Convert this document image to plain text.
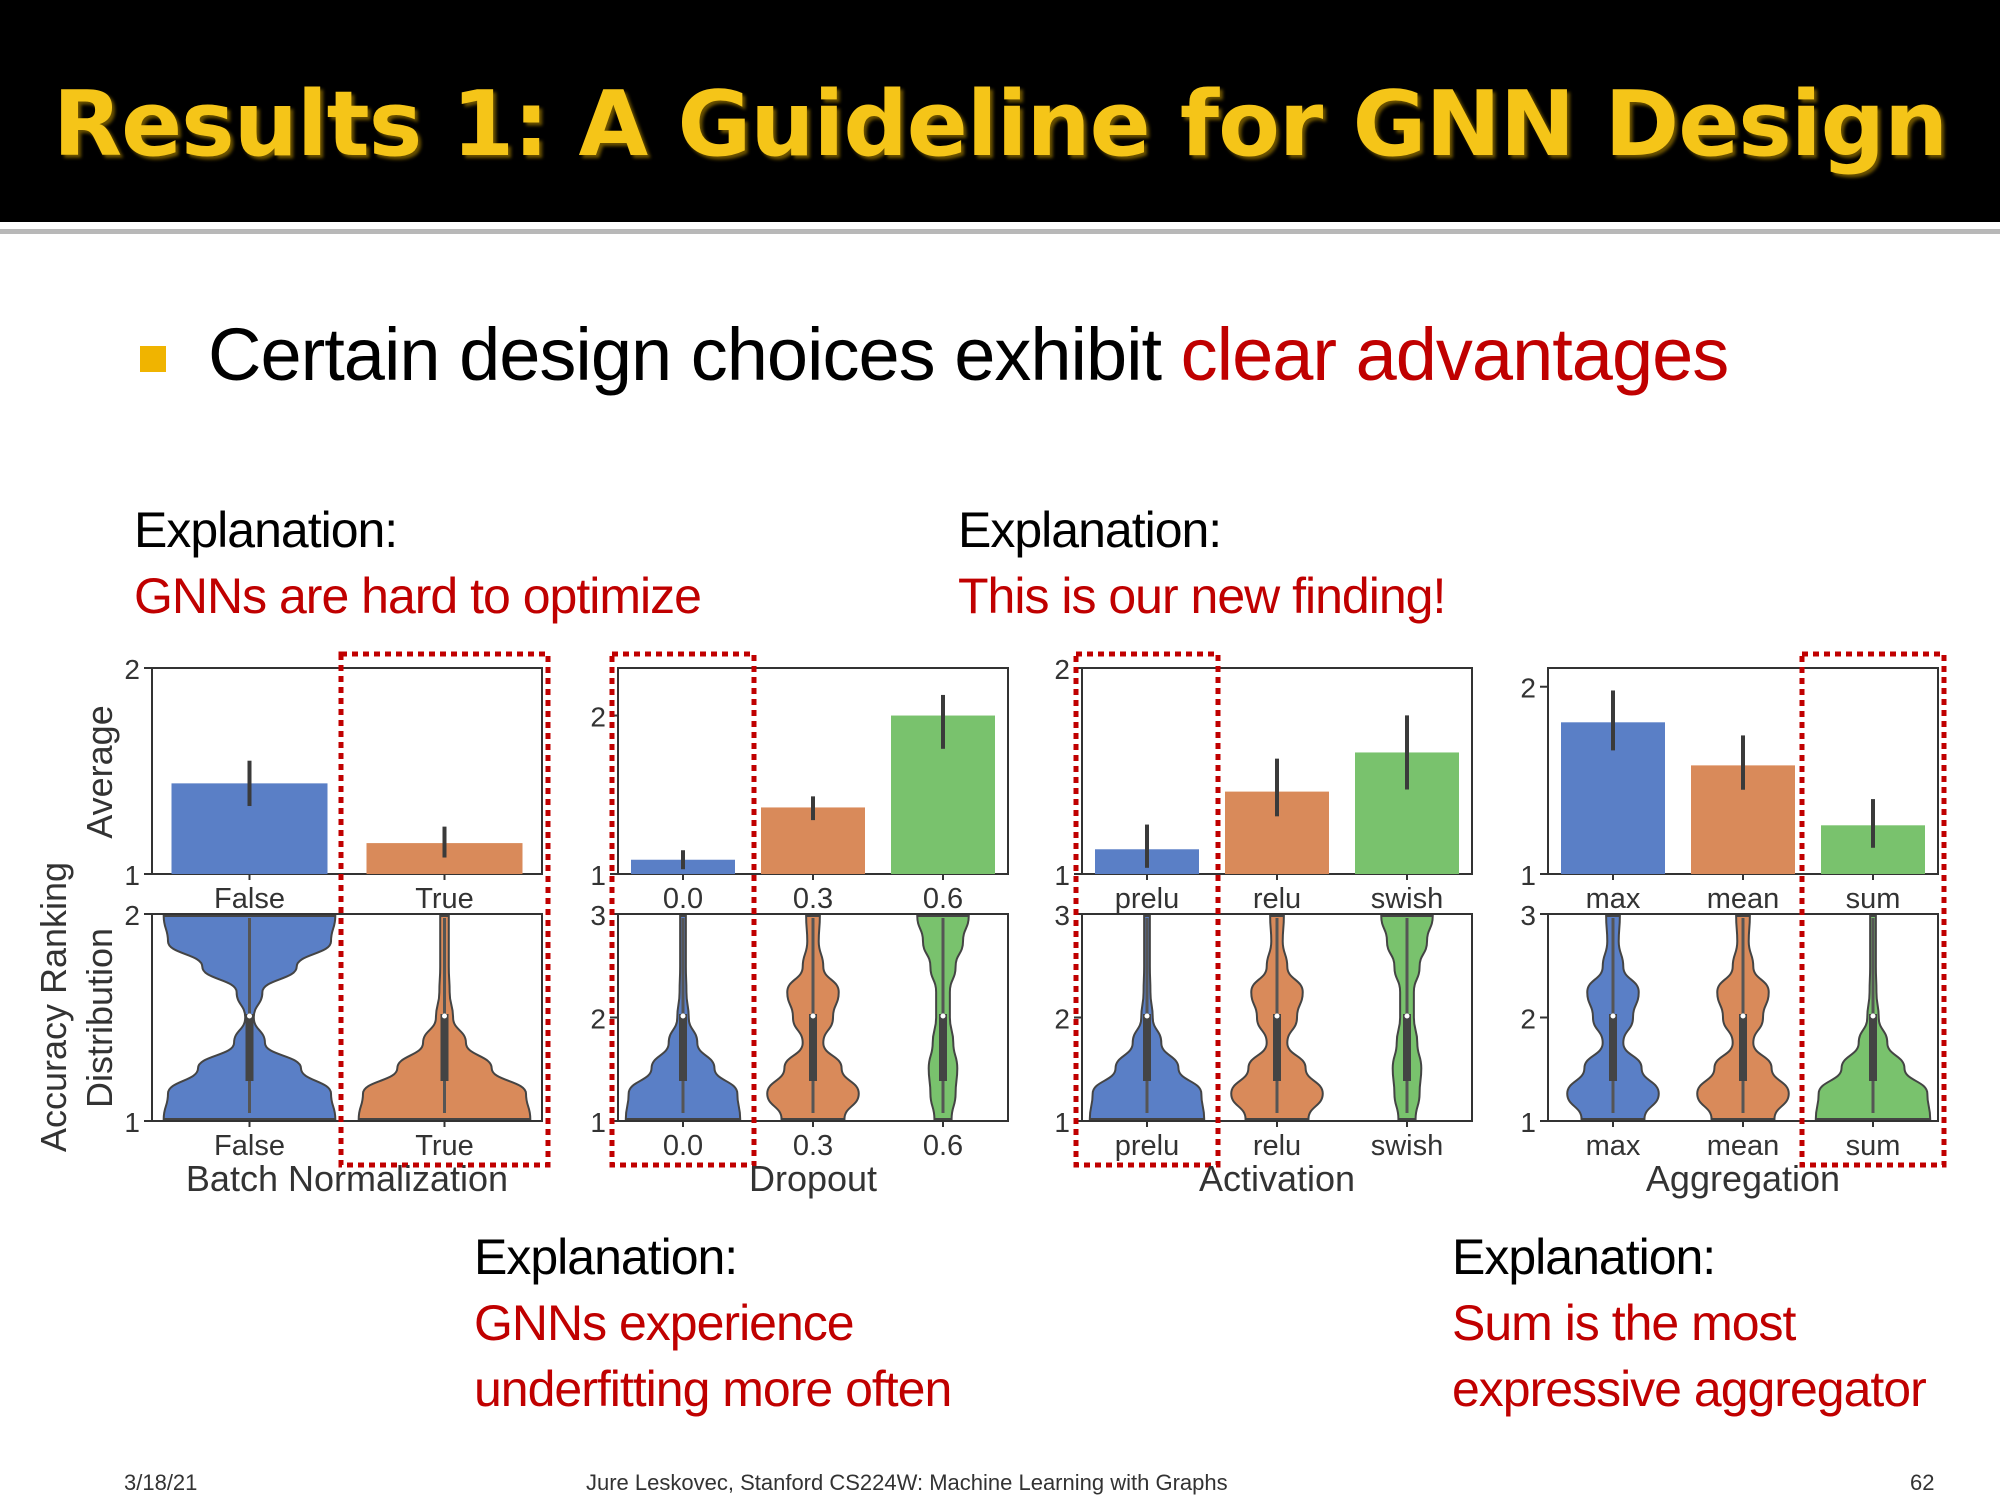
Results 1: A Guideline for GNN Design
Certain design choices exhibit clear advantages
Explanation:
GNNs are hard to optimize
Explanation:
This is our new finding!
Explanation:
GNNs experience
underfitting more often
Explanation:
Sum is the most
expressive aggregator
Accuracy Ranking
Average
Distribution
1
2
False	True
1
2
False	True
Batch Normalization
1
2
0.0	0.3	0.6
1
2
3
0.0	0.3	0.6
Dropout
1
2
prelu	relu swish
1
2
3
prelu	relu swish
Activation
1
2
max mean sum
1
2
3
max mean sum
Aggregation
3/18/21	Jure Leskovec, Stanford CS224W: Machine Learning with Graphs	62
